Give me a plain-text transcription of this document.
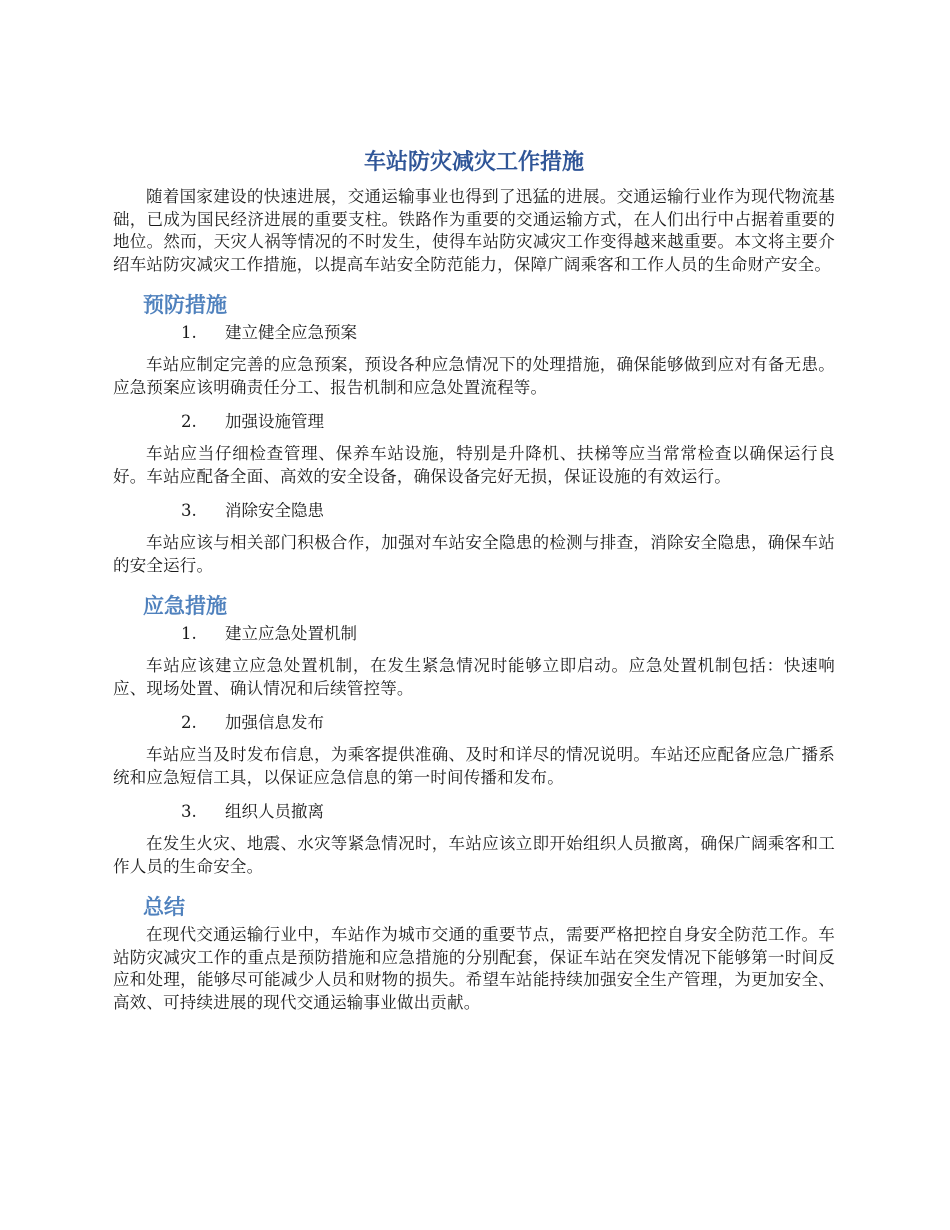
车站防灾减灾工作措施

随着国家建设的快速进展，交通运输事业也得到了迅猛的进展。交通运输行业作为现代物流基础，已成为国民经济进展的重要支柱。铁路作为重要的交通运输方式，在人们出行中占据着重要的地位。然而，天灾人祸等情况的不时发生，使得车站防灾减灾工作变得越来越重要。本文将主要介绍车站防灾减灾工作措施，以提高车站安全防范能力，保障广阔乘客和工作人员的生命财产安全。

预防措施
1.	建立健全应急预案

车站应制定完善的应急预案，预设各种应急情况下的处理措施，确保能够做到应对有备无患。应急预案应该明确责任分工、报告机制和应急处置流程等。

2.	加强设施管理

车站应当仔细检查管理、保养车站设施，特别是升降机、扶梯等应当常常检查以确保运行良好。车站应配备全面、高效的安全设备，确保设备完好无损，保证设施的有效运行。

3.	消除安全隐患

车站应该与相关部门积极合作，加强对车站安全隐患的检测与排查，消除安全隐患，确保车站的安全运行。

应急措施
1.	建立应急处置机制

车站应该建立应急处置机制，在发生紧急情况时能够立即启动。应急处置机制包括：快速响应、现场处置、确认情况和后续管控等。

2.	加强信息发布

车站应当及时发布信息，为乘客提供准确、及时和详尽的情况说明。车站还应配备应急广播系统和应急短信工具，以保证应急信息的第一时间传播和发布。

3.	组织人员撤离

在发生火灾、地震、水灾等紧急情况时，车站应该立即开始组织人员撤离，确保广阔乘客和工作人员的生命安全。

总结

在现代交通运输行业中，车站作为城市交通的重要节点，需要严格把控自身安全防范工作。车站防灾减灾工作的重点是预防措施和应急措施的分别配套，保证车站在突发情况下能够第一时间反应和处理，能够尽可能减少人员和财物的损失。希望车站能持续加强安全生产管理，为更加安全、高效、可持续进展的现代交通运输事业做出贡献。
